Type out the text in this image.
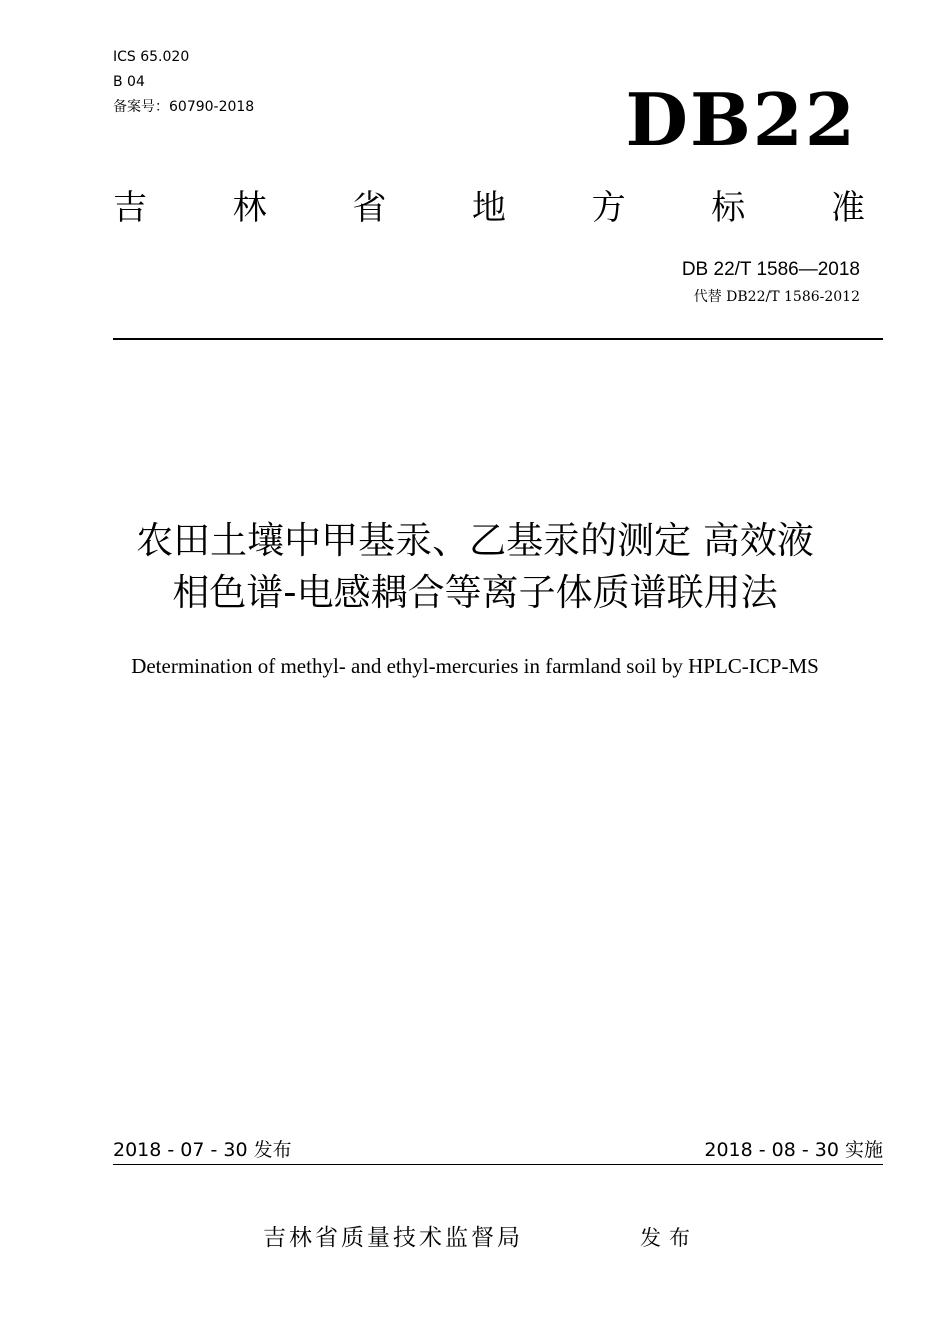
ICS 65.020
B 04
备案号：60790-2018	DB22
吉	林	省	地	方	标	准
DB 22/T 1586—2018
代替 DB22/T 1586-2012
农田土壤中甲基汞、乙基汞的测定 高效液
相色谱-电感耦合等离子体质谱联用法
Determination of methyl- and ethyl-mercuries in farmland soil by HPLC-ICP-MS
2018 - 07 - 30 发布	2018 - 08 - 30 实施
吉林省质量技术监督局	发布
